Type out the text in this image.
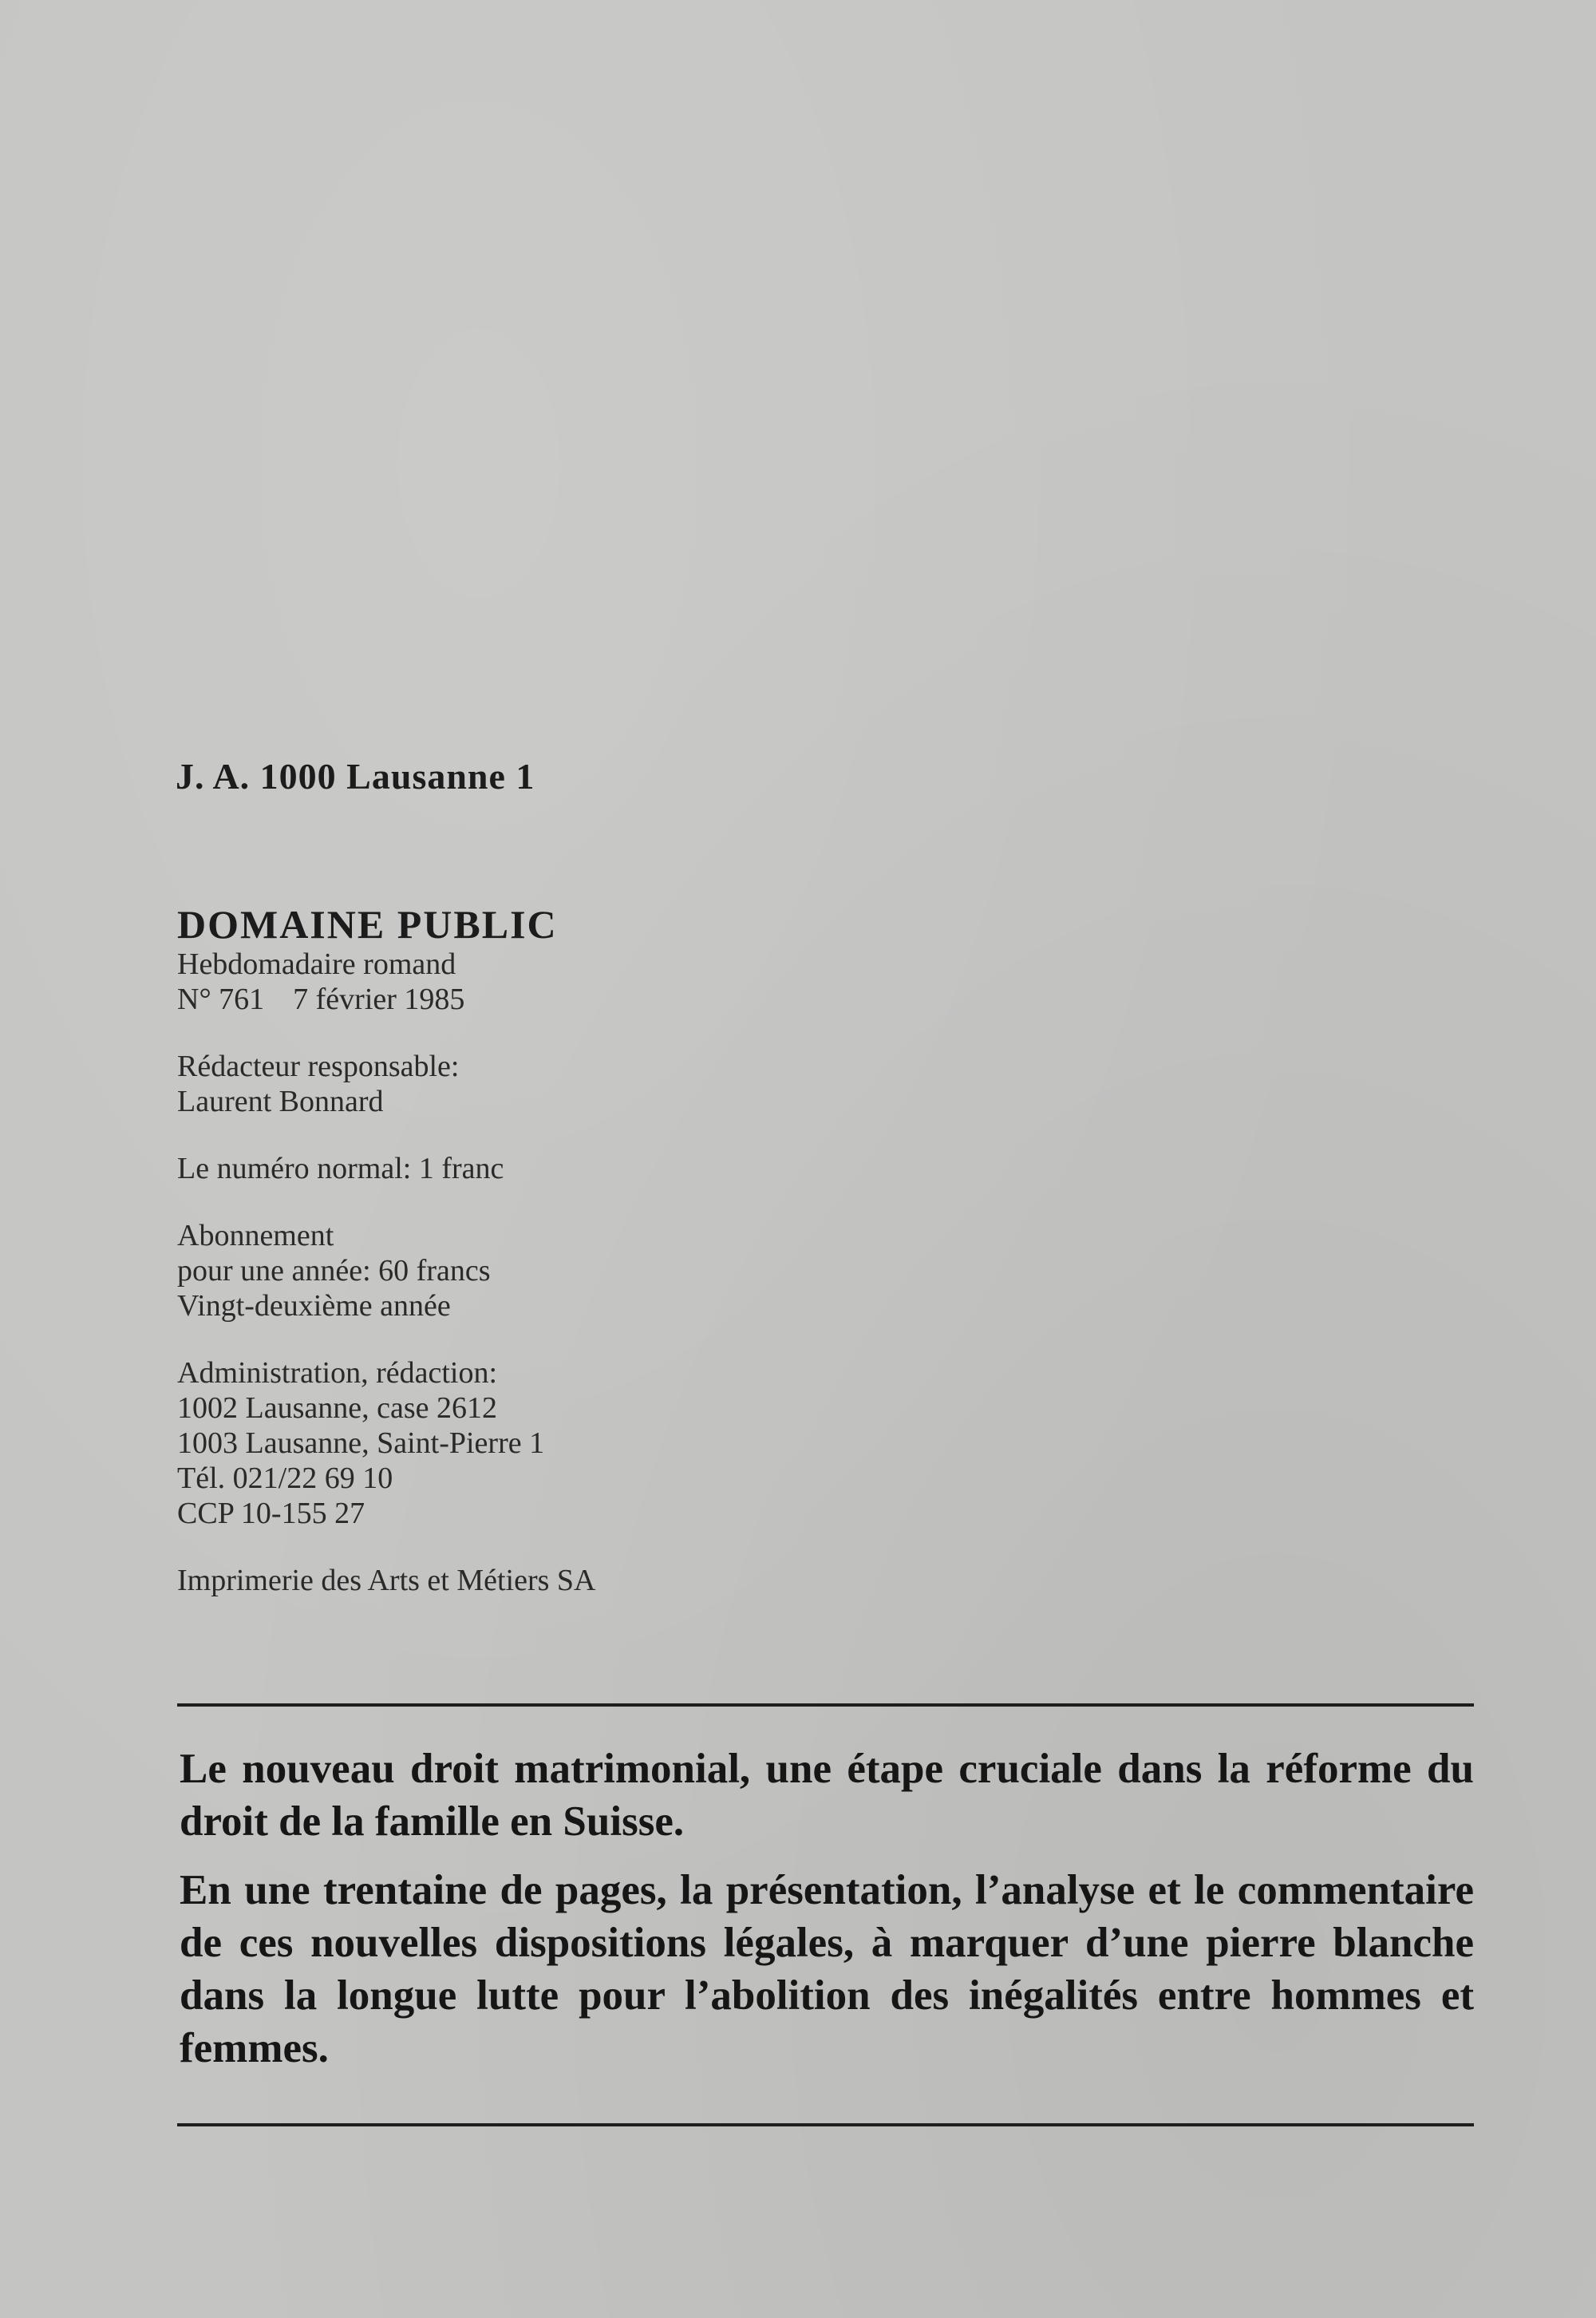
J. A. 1000 Lausanne 1
DOMAINE PUBLIC
Hebdomadaire romand
N° 761 7 février 1985
Rédacteur responsable:
Laurent Bonnard
Le numéro normal: 1 franc
Abonnement
pour une année: 60 francs
Vingt-deuxième année
Administration, rédaction:
1002 Lausanne, case 2612
1003 Lausanne, Saint-Pierre 1
Tél. 021/22 69 10
CCP 10-155 27
Imprimerie des Arts et Métiers SA

Le nouveau droit matrimonial, une étape cruciale dans la réforme du droit de la famille en Suisse.

En une trentaine de pages, la présentation, l’analyse et le commentaire de ces nouvelles dispositions légales, à marquer d’une pierre blanche dans la longue lutte pour l’abolition des inégalités entre hommes et femmes.
